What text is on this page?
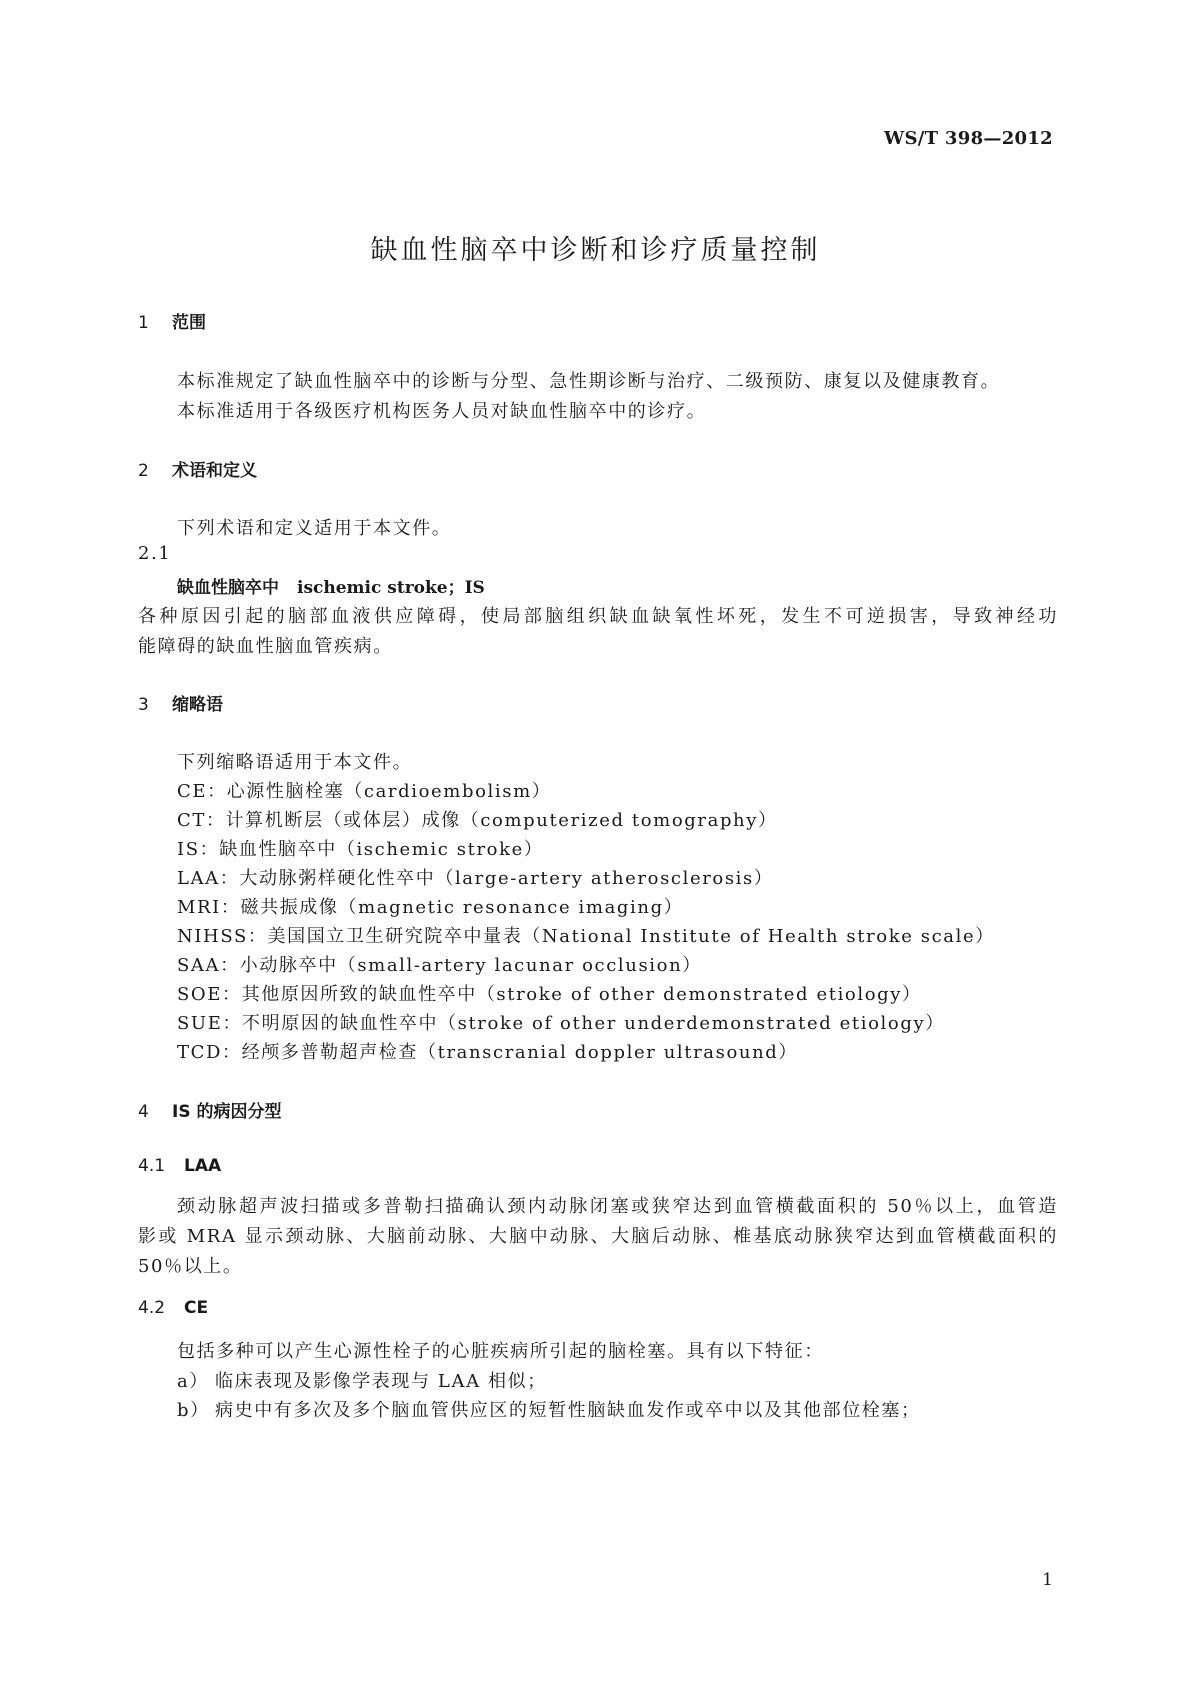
WS/T 398—2012
缺血性脑卒中诊断和诊疗质量控制
1 范围
本标准规定了缺血性脑卒中的诊断与分型、急性期诊断与治疗、二级预防、康复以及健康教育。
本标准适用于各级医疗机构医务人员对缺血性脑卒中的诊疗。
2 术语和定义
下列术语和定义适用于本文件。
2.1
缺血性脑卒中 ischemic stroke；IS
各种原因引起的脑部血液供应障碍，使局部脑组织缺血缺氧性坏死，发生不可逆损害，导致神经功
能障碍的缺血性脑血管疾病。
3 缩略语
下列缩略语适用于本文件。
CE：心源性脑栓塞（cardioembolism）
CT：计算机断层（或体层）成像（computerized tomography）
IS：缺血性脑卒中（ischemic stroke）
LAA：大动脉粥样硬化性卒中（large-artery atherosclerosis）
MRI：磁共振成像（magnetic resonance imaging）
NIHSS：美国国立卫生研究院卒中量表（National Institute of Health stroke scale）
SAA：小动脉卒中（small-artery lacunar occlusion）
SOE：其他原因所致的缺血性卒中（stroke of other demonstrated etiology）
SUE：不明原因的缺血性卒中（stroke of other underdemonstrated etiology）
TCD：经颅多普勒超声检查（transcranial doppler ultrasound）
4 IS 的病因分型
4.1 LAA
颈动脉超声波扫描或多普勒扫描确认颈内动脉闭塞或狭窄达到血管横截面积的 50％以上，血管造
影或 MRA 显示颈动脉、大脑前动脉、大脑中动脉、大脑后动脉、椎基底动脉狭窄达到血管横截面积的
50％以上。
4.2 CE
包括多种可以产生心源性栓子的心脏疾病所引起的脑栓塞。具有以下特征：
a） 临床表现及影像学表现与 LAA 相似；
b） 病史中有多次及多个脑血管供应区的短暂性脑缺血发作或卒中以及其他部位栓塞；
1
